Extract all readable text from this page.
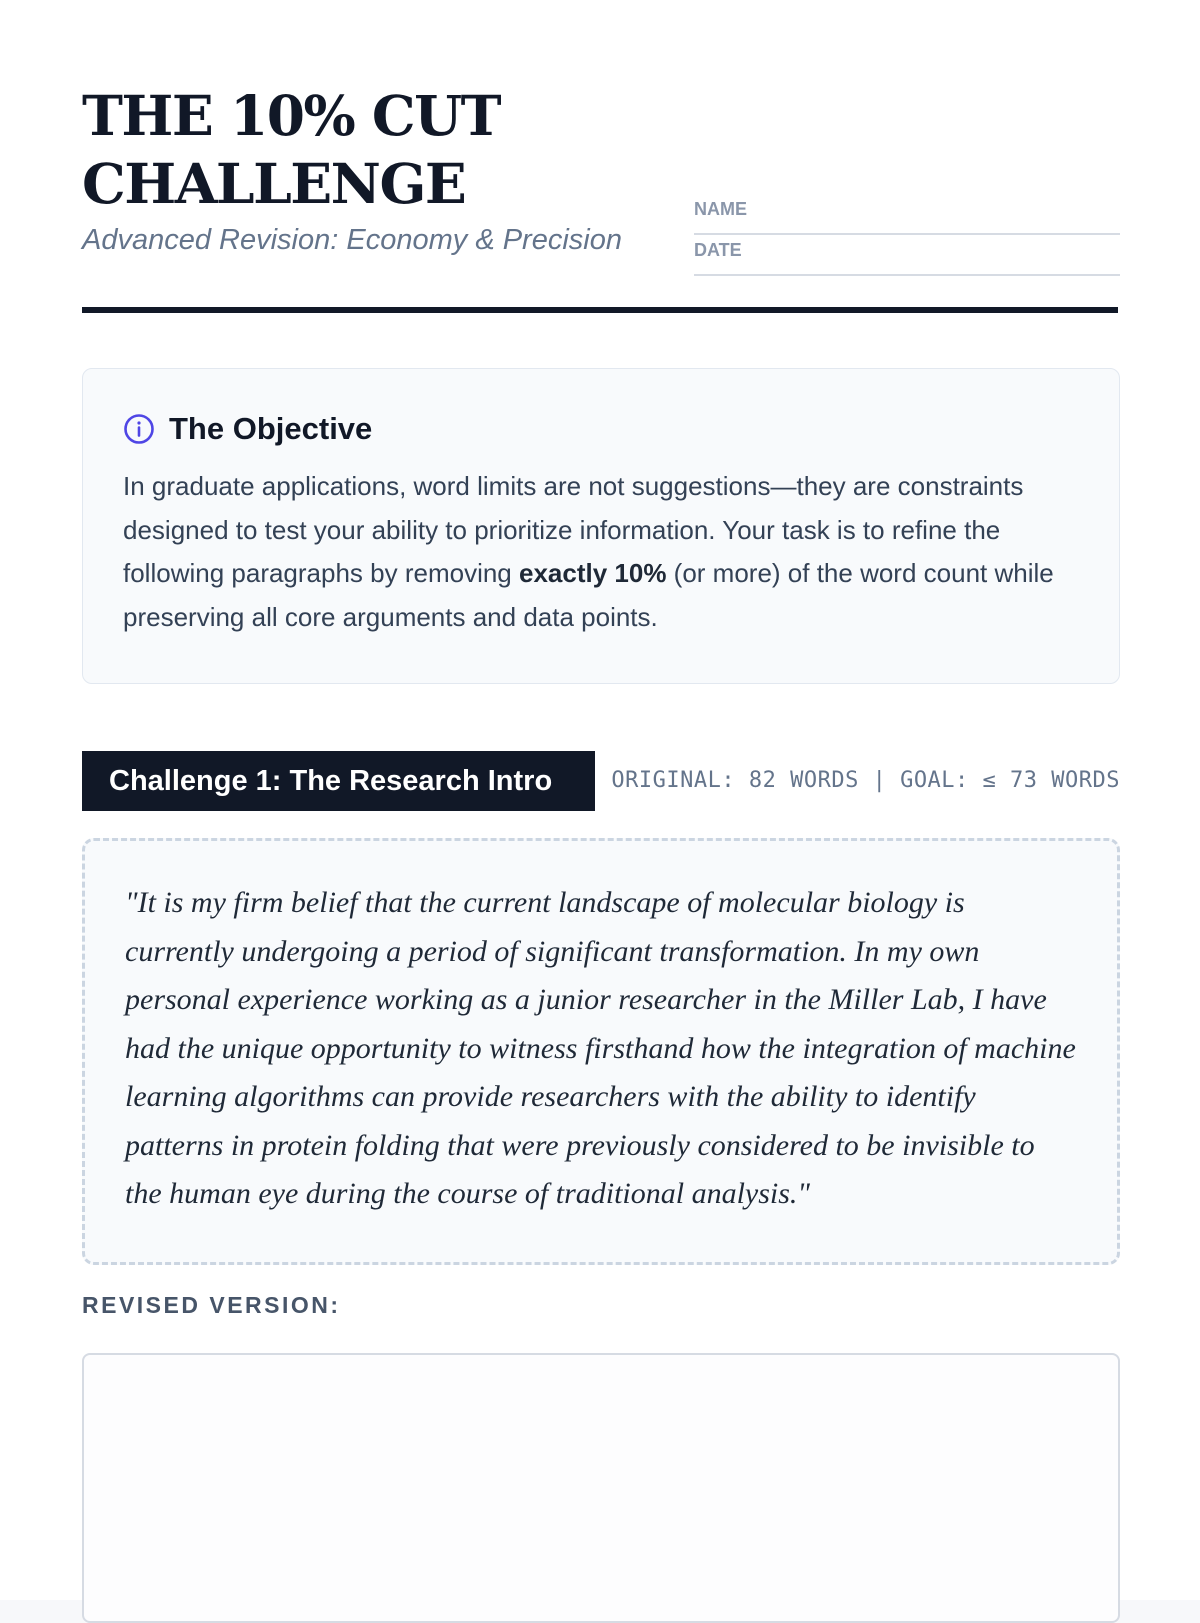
THE 10% CUT
CHALLENGE

Advanced Revision: Economy & Precision

NAME
DATE
The Objective

In graduate applications, word limits are not suggestions—they are constraints designed to test your ability to prioritize information. Your task is to refine the following paragraphs by removing exactly 10% (or more) of the word count while preserving all core arguments and data points.

Challenge 1: The Research Intro	ORIGINAL: 82 WORDS | GOAL: ≤ 73 WORDS

"It is my firm belief that the current landscape of molecular biology is currently undergoing a period of significant transformation. In my own personal experience working as a junior researcher in the Miller Lab, I have had the unique opportunity to witness firsthand how the integration of machine learning algorithms can provide researchers with the ability to identify patterns in protein folding that were previously considered to be invisible to the human eye during the course of traditional analysis."

REVISED VERSION:
